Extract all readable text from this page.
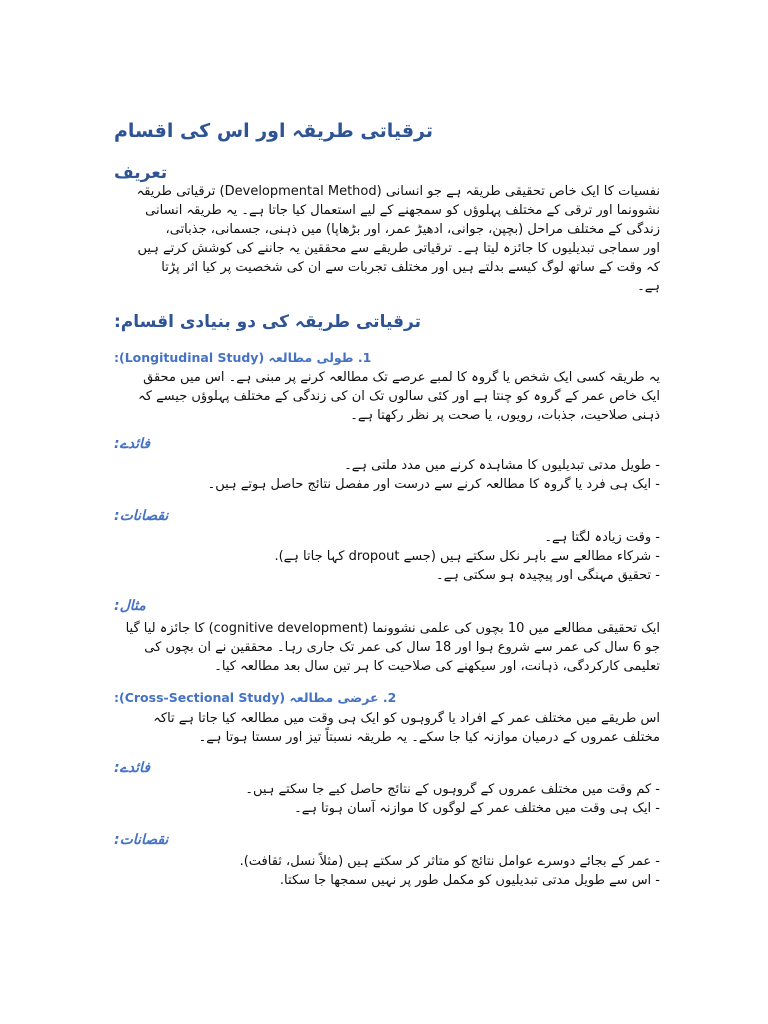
ترقیاتی طریقہ اور اس کی اقسام
تعریف
نفسیات کا ایک خاص تحقیقی طریقہ ہے جو انسانی (Developmental Method) ترقیاتی طریقہ
نشوونما اور ترقی کے مختلف پہلوؤں کو سمجھنے کے لیے استعمال کیا جاتا ہے۔ یہ طریقہ انسانی
زندگی کے مختلف مراحل (بچپن، جوانی، ادھیڑ عمر، اور بڑھاپا) میں ذہنی، جسمانی، جذباتی،
اور سماجی تبدیلیوں کا جائزہ لیتا ہے۔ ترقیاتی طریقے سے محققین یہ جاننے کی کوشش کرتے ہیں
کہ وقت کے ساتھ لوگ کیسے بدلتے ہیں اور مختلف تجربات سے ان کی شخصیت پر کیا اثر پڑتا
ہے۔
ترقیاتی طریقہ کی دو بنیادی اقسام:
1. طولی مطالعہ (Longitudinal Study):
یہ طریقہ کسی ایک شخص یا گروہ کا لمبے عرصے تک مطالعہ کرنے پر مبنی ہے۔ اس میں محقق
ایک خاص عمر کے گروہ کو چنتا ہے اور کئی سالوں تک ان کی زندگی کے مختلف پہلوؤں جیسے کہ
ذہنی صلاحیت، جذبات، رویوں، یا صحت پر نظر رکھتا ہے۔
فائدے:
- طویل مدتی تبدیلیوں کا مشاہدہ کرنے میں مدد ملتی ہے۔
- ایک ہی فرد یا گروہ کا مطالعہ کرنے سے درست اور مفصل نتائج حاصل ہوتے ہیں۔
نقصانات:
- وقت زیادہ لگتا ہے۔
- شرکاء مطالعے سے باہر نکل سکتے ہیں (جسے dropout کہا جاتا ہے).
- تحقیق مہنگی اور پیچیدہ ہو سکتی ہے۔
مثال:
ایک تحقیقی مطالعے میں 10 بچوں کی علمی نشوونما (cognitive development) کا جائزہ لیا گیا
جو 6 سال کی عمر سے شروع ہوا اور 18 سال کی عمر تک جاری رہا۔ محققین نے ان بچوں کی
تعلیمی کارکردگی، ذہانت، اور سیکھنے کی صلاحیت کا ہر تین سال بعد مطالعہ کیا۔
2. عرضی مطالعہ (Cross-Sectional Study):
اس طریقے میں مختلف عمر کے افراد یا گروہوں کو ایک ہی وقت میں مطالعہ کیا جاتا ہے تاکہ
مختلف عمروں کے درمیان موازنہ کیا جا سکے۔ یہ طریقہ نسبتاً تیز اور سستا ہوتا ہے۔
فائدے:
- کم وقت میں مختلف عمروں کے گروہوں کے نتائج حاصل کیے جا سکتے ہیں۔
- ایک ہی وقت میں مختلف عمر کے لوگوں کا موازنہ آسان ہوتا ہے۔
نقصانات:
- عمر کے بجائے دوسرے عوامل نتائج کو متاثر کر سکتے ہیں (مثلاً نسل، ثقافت).
- اس سے طویل مدتی تبدیلیوں کو مکمل طور پر نہیں سمجھا جا سکتا.
